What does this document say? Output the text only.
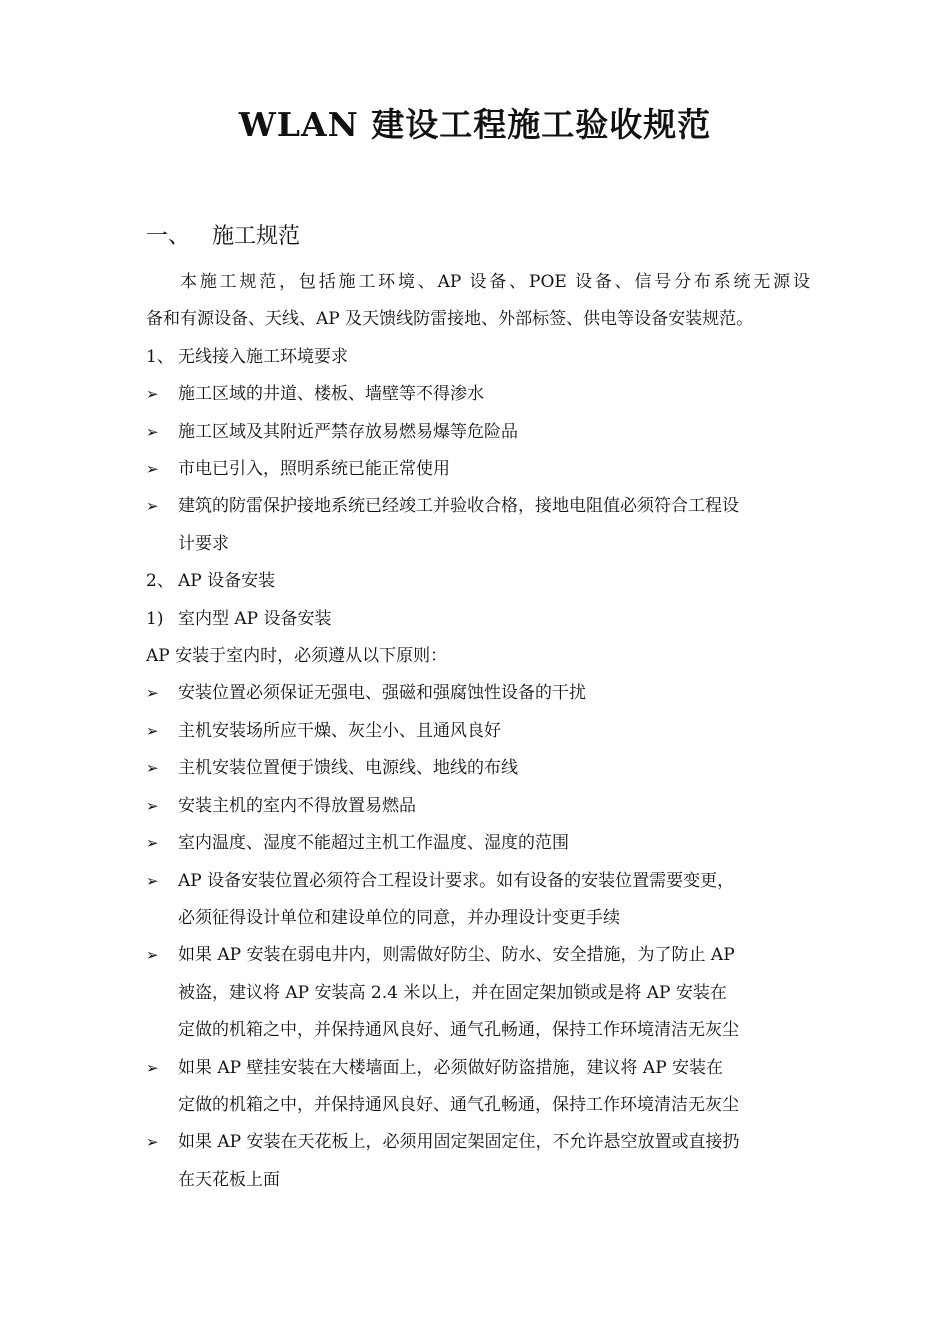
WLAN 建设工程施工验收规范
一、 施工规范
本施工规范，包括施工环境、AP 设备、POE 设备、信号分布系统无源设
备和有源设备、天线、AP 及天馈线防雷接地、外部标签、供电等设备安装规范。
1、 无线接入施工环境要求
➢	施工区域的井道、楼板、墙壁等不得渗水
➢	施工区域及其附近严禁存放易燃易爆等危险品
➢	市电已引入，照明系统已能正常使用
➢	建筑的防雷保护接地系统已经竣工并验收合格，接地电阻值必须符合工程设
计要求
2、 AP 设备安装
1) 室内型 AP 设备安装
AP 安装于室内时，必须遵从以下原则：
➢	安装位置必须保证无强电、强磁和强腐蚀性设备的干扰
➢	主机安装场所应干燥、灰尘小、且通风良好
➢	主机安装位置便于馈线、电源线、地线的布线
➢	安装主机的室内不得放置易燃品
➢	室内温度、湿度不能超过主机工作温度、湿度的范围
➢	AP 设备安装位置必须符合工程设计要求。如有设备的安装位置需要变更，
必须征得设计单位和建设单位的同意，并办理设计变更手续
➢	如果 AP 安装在弱电井内，则需做好防尘、防水、安全措施，为了防止 AP
被盗，建议将 AP 安装高 2.4 米以上，并在固定架加锁或是将 AP 安装在
定做的机箱之中，并保持通风良好、通气孔畅通，保持工作环境清洁无灰尘
➢	如果 AP 壁挂安装在大楼墙面上，必须做好防盗措施，建议将 AP 安装在
定做的机箱之中，并保持通风良好、通气孔畅通，保持工作环境清洁无灰尘
➢	如果 AP 安装在天花板上，必须用固定架固定住，不允许悬空放置或直接扔
在天花板上面
